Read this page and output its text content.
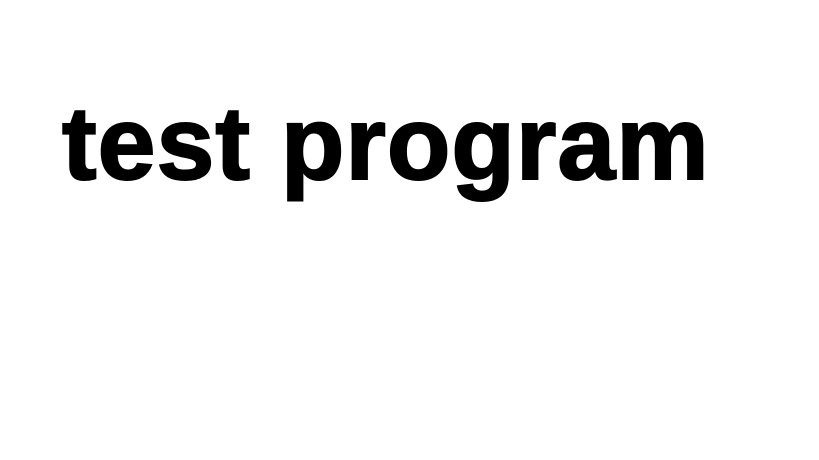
test program
